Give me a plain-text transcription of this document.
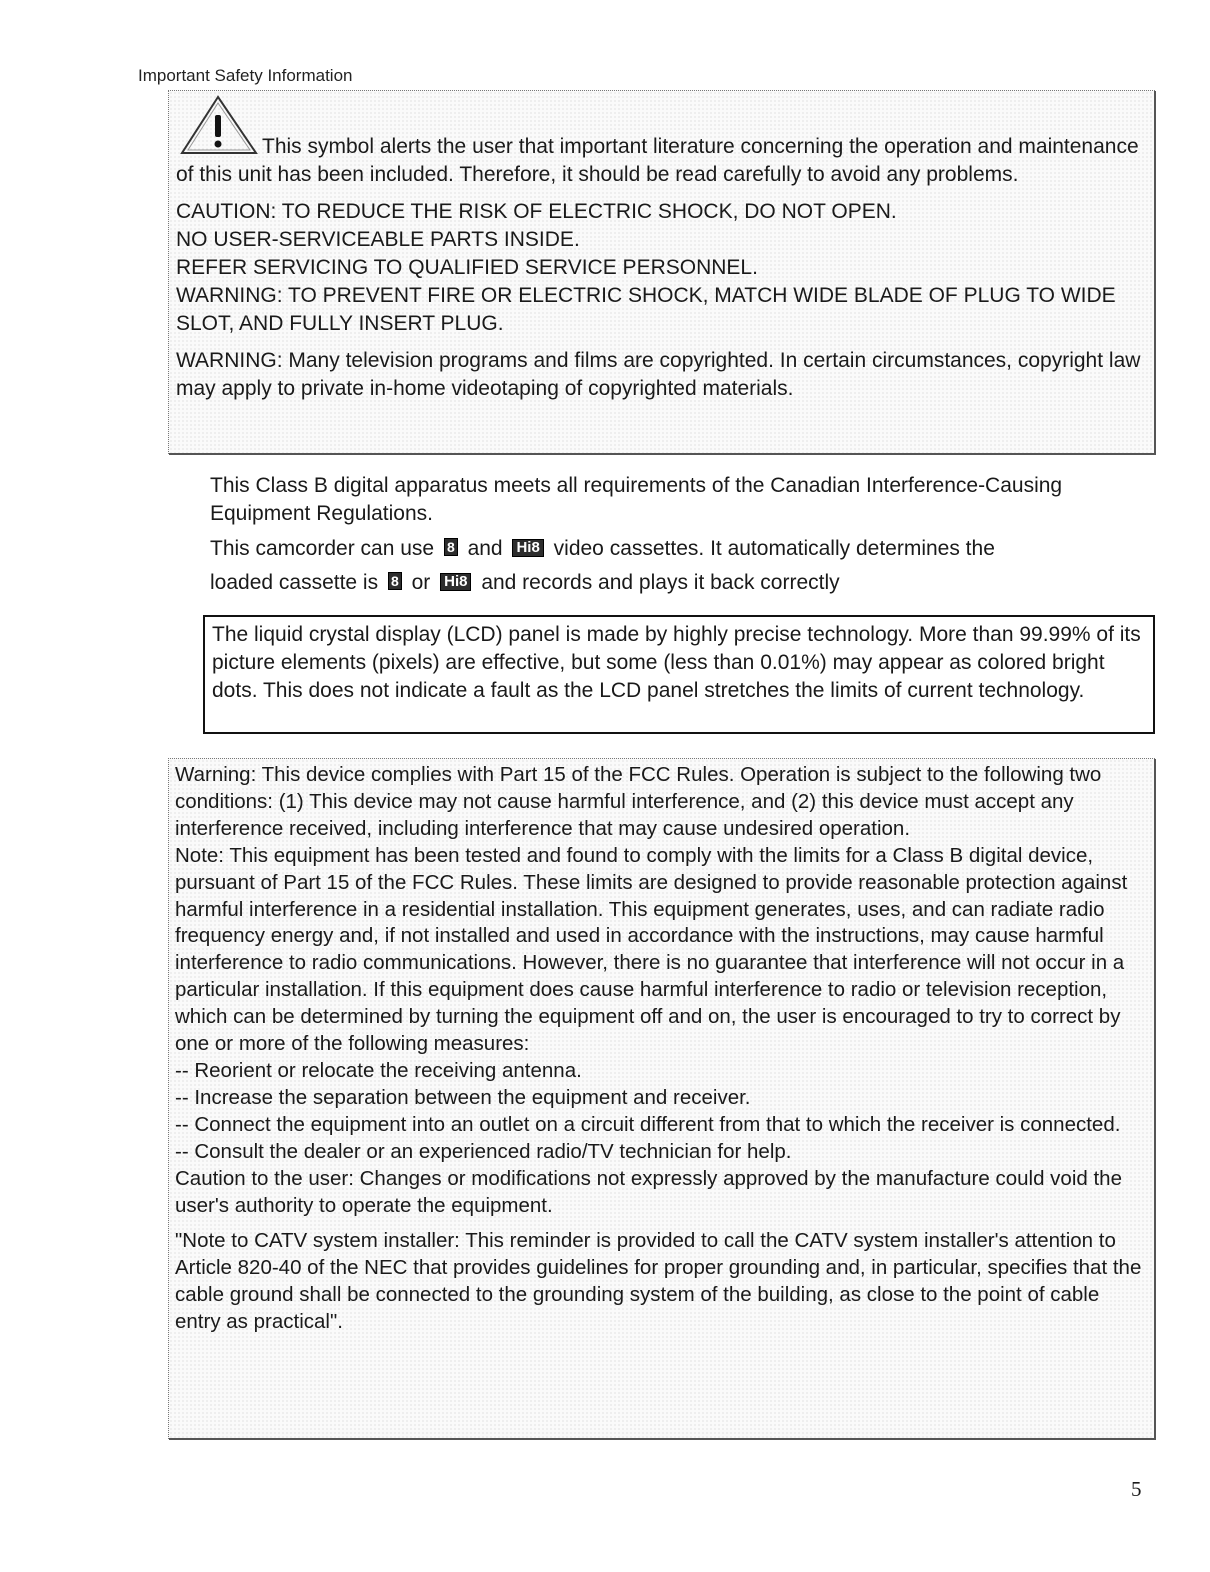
Important Safety Information

This symbol alerts the user that important literature concerning the operation and maintenance of this unit has been included. Therefore, it should be read carefully to avoid any problems.

CAUTION: TO REDUCE THE RISK OF ELECTRIC SHOCK, DO NOT OPEN.

NO USER-SERVICEABLE PARTS INSIDE.

REFER SERVICING TO QUALIFIED SERVICE PERSONNEL.

WARNING: TO PREVENT FIRE OR ELECTRIC SHOCK, MATCH WIDE BLADE OF PLUG TO WIDE SLOT, AND FULLY INSERT PLUG.

WARNING: Many television programs and films are copyrighted. In certain circumstances, copyright law may apply to private in-home videotaping of copyrighted materials.

This Class B digital apparatus meets all requirements of the Canadian Interference-Causing Equipment Regulations.
This camcorder can use 8 and Hi8 video cassettes. It automatically determines the
loaded cassette is 8 or Hi8 and records and plays it back correctly

The liquid crystal display (LCD) panel is made by highly precise technology. More than 99.99% of its picture elements (pixels) are effective, but some (less than 0.01%) may appear as colored bright dots. This does not indicate a fault as the LCD panel stretches the limits of current technology.

Warning: This device complies with Part 15 of the FCC Rules. Operation is subject to the following two conditions: (1) This device may not cause harmful interference, and (2) this device must accept any interference received, including interference that may cause undesired operation.

Note: This equipment has been tested and found to comply with the limits for a Class B digital device, pursuant of Part 15 of the FCC Rules. These limits are designed to provide reasonable protection against harmful interference in a residential installation. This equipment generates, uses, and can radiate radio frequency energy and, if not installed and used in accordance with the instructions, may cause harmful interference to radio communications. However, there is no guarantee that interference will not occur in a particular installation. If this equipment does cause harmful interference to radio or television reception, which can be determined by turning the equipment off and on, the user is encouraged to try to correct by one or more of the following measures:

-- Reorient or relocate the receiving antenna.

-- Increase the separation between the equipment and receiver.

-- Connect the equipment into an outlet on a circuit different from that to which the receiver is connected.

-- Consult the dealer or an experienced radio/TV technician for help.

Caution to the user: Changes or modifications not expressly approved by the manufacture could void the user's authority to operate the equipment.

"Note to CATV system installer: This reminder is provided to call the CATV system installer's attention to Article 820-40 of the NEC that provides guidelines for proper grounding and, in particular, specifies that the cable ground shall be connected to the grounding system of the building, as close to the point of cable entry as practical".

5
